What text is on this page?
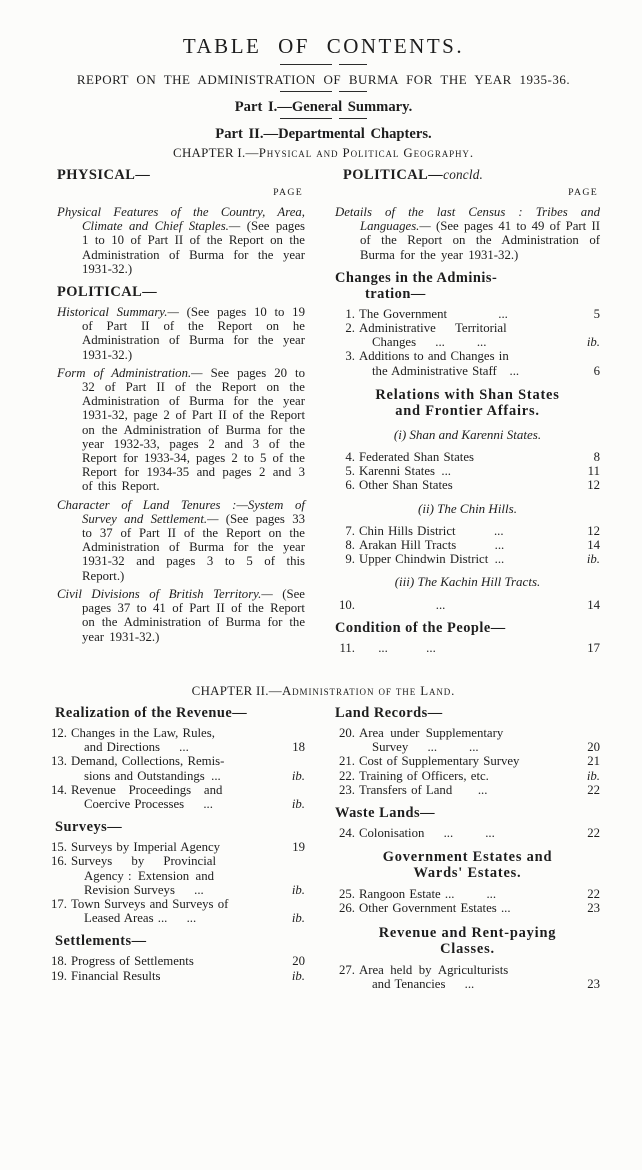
TABLE OF CONTENTS.
REPORT ON THE ADMINISTRATION OF BURMA FOR THE YEAR 1935-36.
Part I.—General Summary.
Part II.—Departmental Chapters.
CHAPTER I.—Physical and Political Geography.
PHYSICAL—
PAGE
Physical Features of the Country, Area, Climate and Chief Staples.— (See pages 1 to 10 of Part II of the Report on the Administration of Burma for the year 1931-32.)
POLITICAL—
Historical Summary.— (See pages 10 to 19 of Part II of the Report on he Administration of Burma for the year 1931-32.)
Form of Administration.— See pages 20 to 32 of Part II of the Report on the Administration of Burma for the year 1931-32, page 2 of Part II of the Report on the Administration of Burma for the year 1932-33, pages 2 and 3 of the Report for 1933-34, pages 2 to 5 of the Report for 1934-35 and pages 2 and 3 of this Report.
Character of Land Tenures :—System of Survey and Settlement.— (See pages 33 to 37 of Part II of the Report on the Administration of Burma for the year 1931-32 and pages 3 to 5 of this Report.)
Civil Divisions of British Territory.— (See pages 37 to 41 of Part II of the Report on the Administration of Burma for the year 1931-32.)
POLITICAL—concld.
PAGE
Details of the last Census : Tribes and Languages.— (See pages 41 to 49 of Part II of the Report on the Administration of Burma for the year 1931-32.)
Changes in the Adminis-
tration—
1. The Government    ...	5
2. Administrative  Territorial
Changes  ...   ...	ib.
3. Additions to and Changes in
the Administrative Staff ...	6
Relations with Shan States
and Frontier Affairs.
(i) Shan and Karenni States.
4. Federated Shan States	8
5. Karenni States ...	11
6. Other Shan States	12
(ii) The Chin Hills.
7. Chin Hills District   ...	12
8. Arakan Hill Tracts   ...	14
9. Upper Chindwin District ...	ib.
(iii) The Kachin Hill Tracts.
10.       ...	14
Condition of the People—
11.   ...   ...	17
CHAPTER II.—Administration of the Land.
Realization of the Revenue—
12. Changes in the Law, Rules,
and Directions  ...	18
13. Demand, Collections, Remis-
sions and Outstandings ...	ib.
14. Revenue  Proceedings  and
Coercive Processes  ...	ib.
Surveys—
15. Surveys by Imperial Agency	19
16. Surveys  by  Provincial
Agency : Extension and
Revision Surveys  ...	ib.
17. Town Surveys and Surveys of
Leased Areas ...  ...	ib.
Settlements—
18. Progress of Settlements	20
19. Financial Results	ib.
Land Records—
20. Area under Supplementary
Survey  ...   ...	20
21. Cost of Supplementary Survey	21
22. Training of Officers, etc.	ib.
23. Transfers of Land  ...	22
Waste Lands—
24. Colonisation  ...   ...	22
Government Estates and
Wards' Estates.
25. Rangoon Estate ...   ...	22
26. Other Government Estates ...	23
Revenue and Rent-paying
Classes.
27. Area held by Agriculturists
and Tenancies  ...	23
